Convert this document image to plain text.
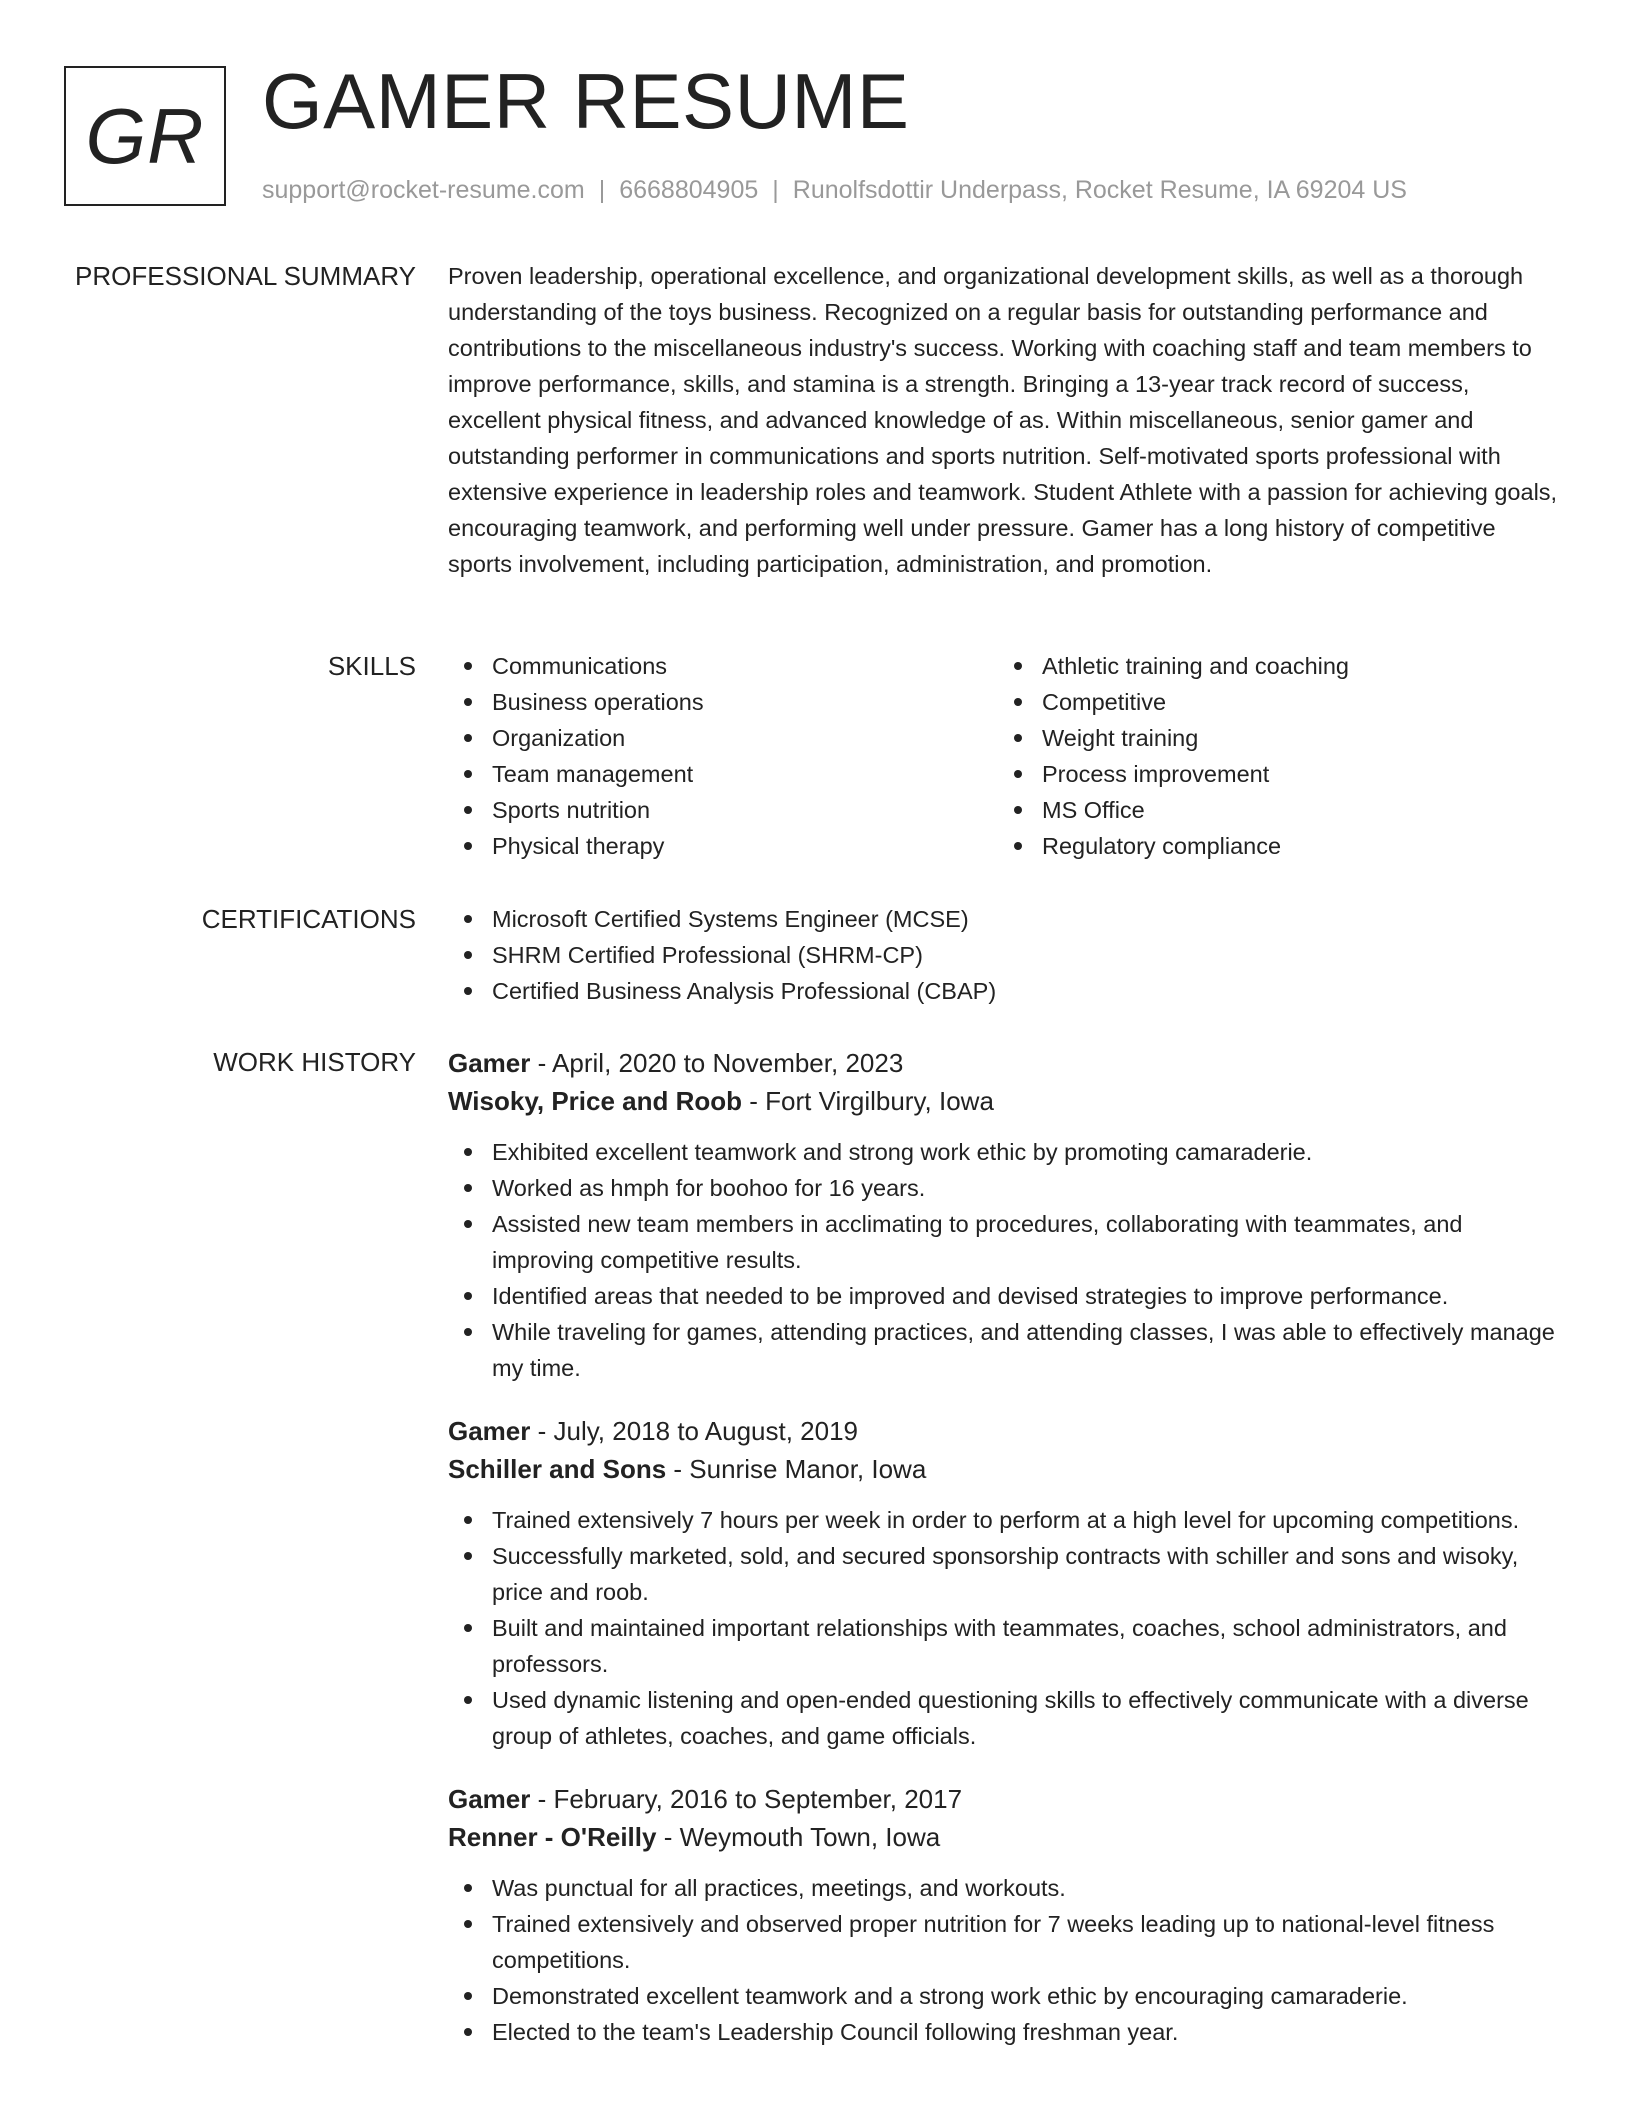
GR GAMER RESUME
support@rocket-resume.com | 6668804905 | Runolfsdottir Underpass, Rocket Resume, IA 69204 US
PROFESSIONAL SUMMARY Proven leadership, operational excellence, and organizational development skills, as well as a thorough understanding of the toys business. Recognized on a regular basis for outstanding performance and contributions to the miscellaneous industry's success. Working with coaching staff and team members to improve performance, skills, and stamina is a strength. Bringing a 13-year track record of success, excellent physical fitness, and advanced knowledge of as. Within miscellaneous, senior gamer and outstanding performer in communications and sports nutrition. Self-motivated sports professional with extensive experience in leadership roles and teamwork. Student Athlete with a passion for achieving goals, encouraging teamwork, and performing well under pressure. Gamer has a long history of competitive sports involvement, including participation, administration, and promotion.

SKILLS	Communications
Business operations
Organization
Team management
Sports nutrition
Physical therapy
Athletic training and coaching
Competitive
Weight training
Process improvement
MS Office
Regulatory compliance
CERTIFICATIONS	Microsoft Certified Systems Engineer (MCSE)
SHRM Certified Professional (SHRM-CP)
Certified Business Analysis Professional (CBAP)
WORK HISTORY Gamer - April, 2020 to November, 2023
Wisoky, Price and Roob - Fort Virgilbury, Iowa
Exhibited excellent teamwork and strong work ethic by promoting camaraderie.
Worked as hmph for boohoo for 16 years.
Assisted new team members in acclimating to procedures, collaborating with teammates, and improving competitive results.
Identified areas that needed to be improved and devised strategies to improve performance.
While traveling for games, attending practices, and attending classes, I was able to effectively manage my time.
Gamer - July, 2018 to August, 2019
Schiller and Sons - Sunrise Manor, Iowa
Trained extensively 7 hours per week in order to perform at a high level for upcoming competitions.
Successfully marketed, sold, and secured sponsorship contracts with schiller and sons and wisoky, price and roob.
Built and maintained important relationships with teammates, coaches, school administrators, and professors.
Used dynamic listening and open-ended questioning skills to effectively communicate with a diverse group of athletes, coaches, and game officials.
Gamer - February, 2016 to September, 2017
Renner - O'Reilly - Weymouth Town, Iowa
Was punctual for all practices, meetings, and workouts.
Trained extensively and observed proper nutrition for 7 weeks leading up to national-level fitness competitions.
Demonstrated excellent teamwork and a strong work ethic by encouraging camaraderie.
Elected to the team's Leadership Council following freshman year.
